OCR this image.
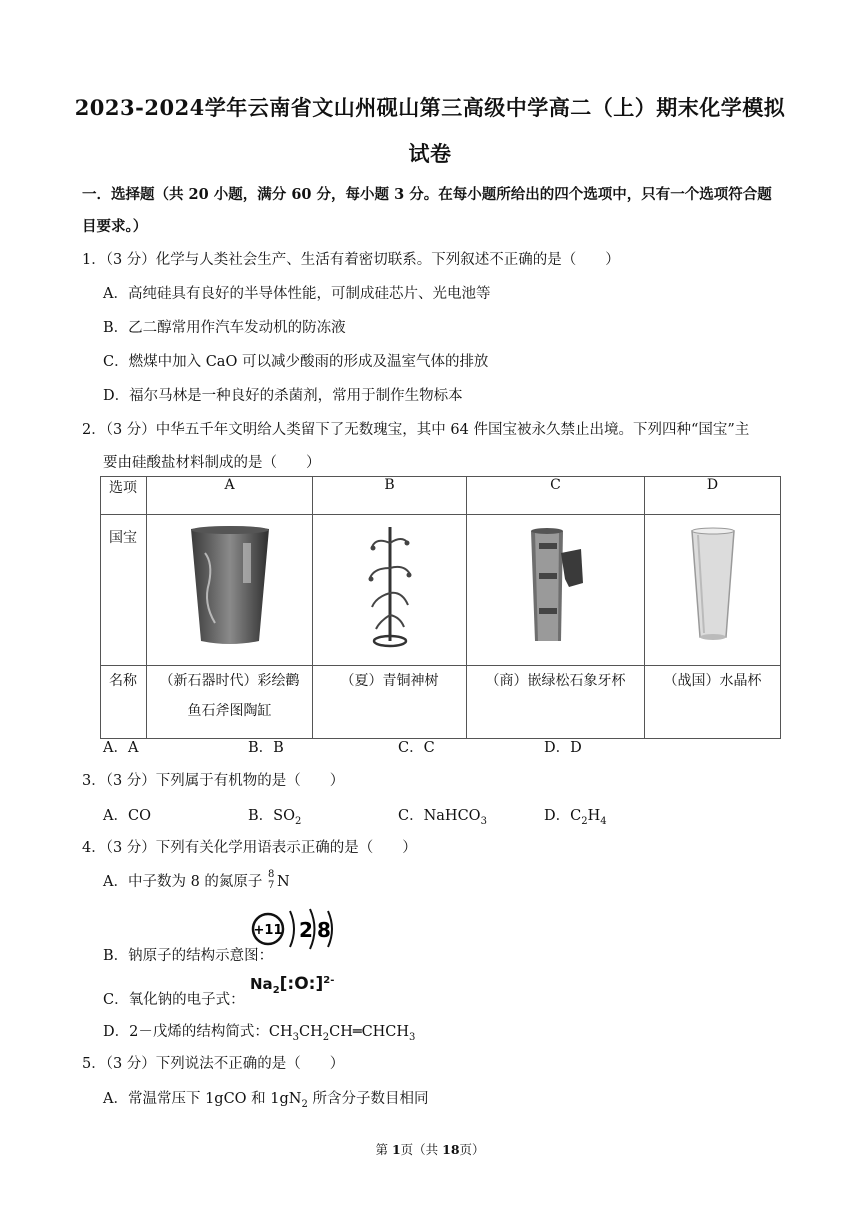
2023-2024学年云南省文山州砚山第三高级中学高二（上）期末化学模拟
试卷
一．选择题（共 20 小题，满分 60 分，每小题 3 分。在每小题所给出的四个选项中，只有一个选项符合题
目要求。）
1．（3 分）化学与人类社会生产、生活有着密切联系。下列叙述不正确的是（　　）
A．高纯硅具有良好的半导体性能，可制成硅芯片、光电池等
B．乙二醇常用作汽车发动机的防冻液
C．燃煤中加入 CaO 可以减少酸雨的形成及温室气体的排放
D．福尔马林是一种良好的杀菌剂，常用于制作生物标本
2．（3 分）中华五千年文明给人类留下了无数瑰宝，其中 64 件国宝被永久禁止出境。下列四种“国宝”主
要由硅酸盐材料制成的是（　　）
选项	A	B	C	D
国宝	

名称	（新石器时代）彩绘鹳
鱼石斧图陶缸	（夏）青铜神树	（商）嵌绿松石象牙杯	（战国）水晶杯
A．A	B．B	C．C	D．D
3．（3 分）下列属于有机物的是（　　）
A．CO	B．$SO_2$	C．NaHCO$_3$	D．$C_2H_4$
4．（3 分）下列有关化学用语表示正确的是（　　）
A．中子数为 8 的氮原子 8
7 N
B．钠原子的结构示意图：
+11 2 8
C．氧化钠的电子式：
$Na_2[:O:]^{2-}$
D．2－戊烯的结构简式：$CH_3CH_2CH═CHCH_3$
5．（3 分）下列说法不正确的是（　　）
A．常温常压下 1gCO 和 $1gN_2$ 所含分子数目相同
第 1页（共 18页）
